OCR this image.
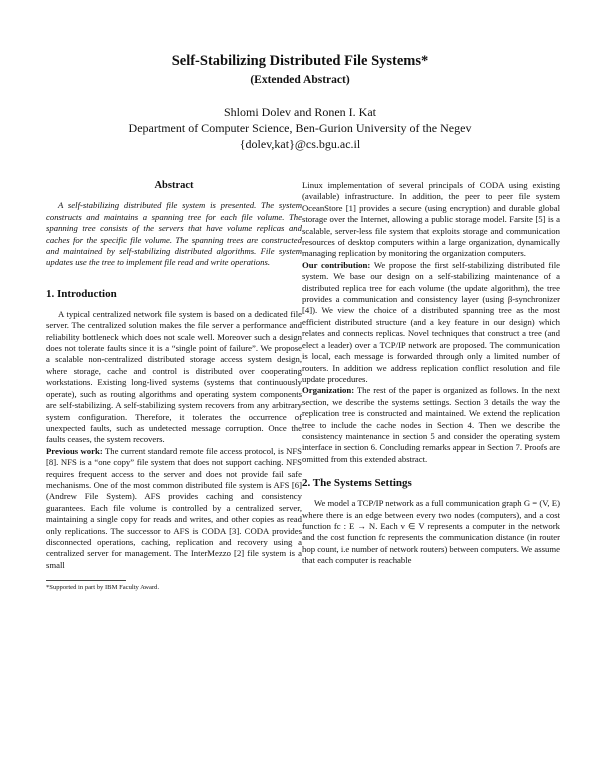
Self-Stabilizing Distributed File Systems*

(Extended Abstract)

Shlomi Dolev and Ronen I. Kat

Department of Computer Science, Ben-Gurion University of the Negev

{dolev,kat}@cs.bgu.ac.il

Abstract

A self-stabilizing distributed file system is presented. The system constructs and maintains a spanning tree for each file volume. The spanning tree consists of the servers that have volume replicas and caches for the specific file volume. The spanning trees are constructed and maintained by self-stabilizing distributed algorithms. File system updates use the tree to implement file read and write operations.

1. Introduction

A typical centralized network file system is based on a dedicated file server. The centralized solution makes the file server a performance and reliability bottleneck which does not scale well. Moreover such a design does not tolerate faults since it is a “single point of failure”. We propose a scalable non-centralized distributed storage access system design, where storage, cache and control is distributed over cooperating workstations. Existing long-lived systems (systems that continuously operate), such as routing algorithms and operating system components are self-stabilizing. A self-stabilizing system recovers from any arbitrary system configuration. Therefore, it tolerates the occurrence of unexpected faults, such as undetected message corruption. Once the faults ceases, the system recovers.

Previous work: The current standard remote file access protocol, is NFS [8]. NFS is a “one copy” file system that does not support caching. NFS requires frequent access to the server and does not provide fail safe mechanisms. One of the most common distributed file system is AFS [6] (Andrew File System). AFS provides caching and consistency guarantees. Each file volume is controlled by a centralized server, maintaining a single copy for reads and writes, and other copies as read only replications. The successor to AFS is CODA [3]. CODA provides disconnected operations, caching, replication and recovery using a centralized server for management. The InterMezzo [2] file system is a small

*Supported in part by IBM Faculty Award.

Linux implementation of several principals of CODA using existing (available) infrastructure. In addition, the peer to peer file system OceanStore [1] provides a secure (using encryption) and durable global storage over the Internet, allowing a public storage model. Farsite [5] is a scalable, server-less file system that exploits storage and communication resources of desktop computers within a large organization, dynamically managing replication by monitoring the organization computers.

Our contribution: We propose the first self-stabilizing distributed file system. We base our design on a self-stabilizing maintenance of a distributed replica tree for each volume (the update algorithm), the tree provides a communication and consistency layer (using β-synchronizer [4]). We view the choice of a distributed spanning tree as the most efficient distributed structure (and a key feature in our design) which relates and connects replicas. Novel techniques that construct a tree (and elect a leader) over a TCP/IP network are proposed. The communication is local, each message is forwarded through only a limited number of routers. In addition we address replication conflict resolution and file update procedures.

Organization: The rest of the paper is organized as follows. In the next section, we describe the systems settings. Section 3 details the way the replication tree is constructed and maintained. We extend the replication tree to include the cache nodes in Section 4. Then we describe the consistency maintenance in section 5 and consider the operating system interface in section 6. Concluding remarks appear in Section 7. Proofs are omitted from this extended abstract.

2. The Systems Settings

We model a TCP/IP network as a full communication graph G = (V, E) where there is an edge between every two nodes (computers), and a cost function fc : E → N. Each v ∈ V represents a computer in the network and the cost function fc represents the communication distance (in router hop count, i.e number of network routers) between computers. We assume that each computer is reachable
